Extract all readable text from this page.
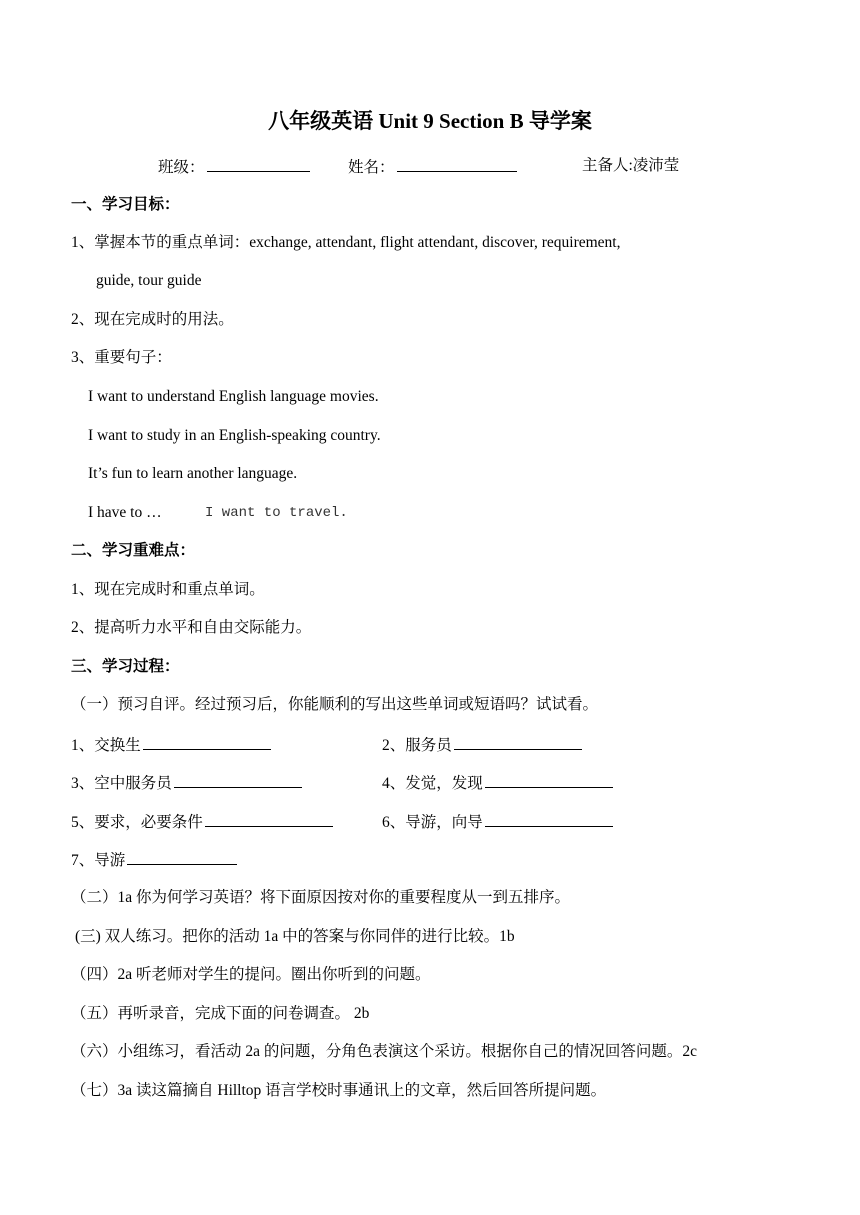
八年级英语 Unit 9 Section B 导学案
班级：	姓名：	主备人:凌沛莹
一、学习目标：
1、掌握本节的重点单词：exchange, attendant, flight attendant, discover, requirement,
guide, tour guide
2、现在完成时的用法。
3、重要句子：
I want to understand English language movies.
I want to study in an English-speaking country.
It’s fun to learn another language.
I have to …	I want to travel.
二、学习重难点：
1、现在完成时和重点单词。
2、提高听力水平和自由交际能力。
三、学习过程：
（一）预习自评。经过预习后，你能顺利的写出这些单词或短语吗？试试看。
1、交换生	2、服务员
3、空中服务员	4、发觉，发现
5、要求，必要条件	6、导游，向导
7、导游
（二）1a 你为何学习英语？将下面原因按对你的重要程度从一到五排序。
(三) 双人练习。把你的活动 1a 中的答案与你同伴的进行比较。1b
（四）2a 听老师对学生的提问。圈出你听到的问题。
（五）再听录音，完成下面的问卷调查。 2b
（六）小组练习，看活动 2a 的问题，分角色表演这个采访。根据你自己的情况回答问题。2c
（七）3a 读这篇摘自 Hilltop 语言学校时事通讯上的文章，然后回答所提问题。
